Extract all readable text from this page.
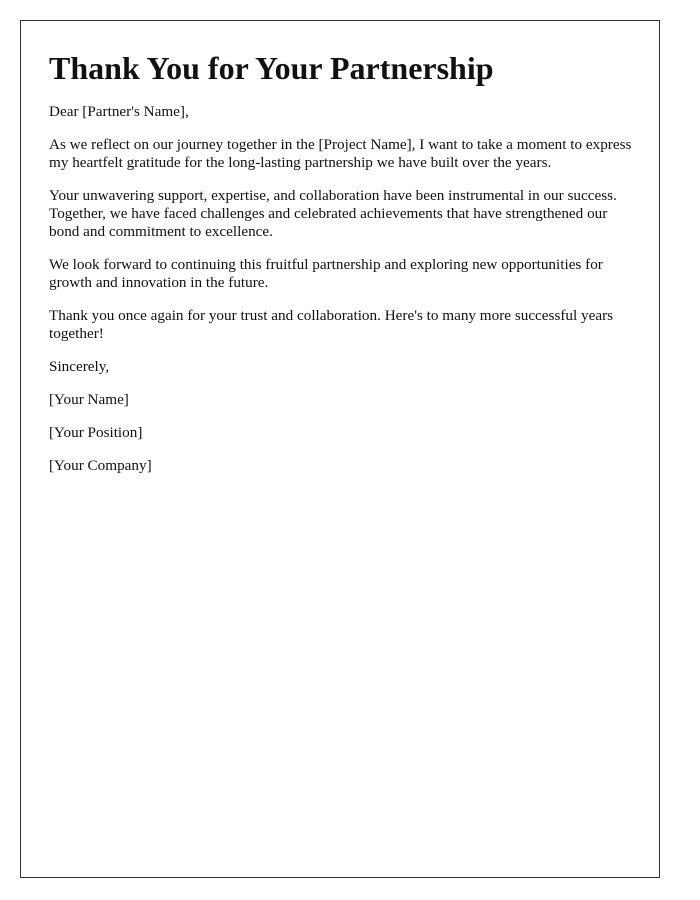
Thank You for Your Partnership

Dear [Partner's Name],

As we reflect on our journey together in the [Project Name], I want to take a moment to express my heartfelt gratitude for the long-lasting partnership we have built over the years.

Your unwavering support, expertise, and collaboration have been instrumental in our success. Together, we have faced challenges and celebrated achievements that have strengthened our bond and commitment to excellence.

We look forward to continuing this fruitful partnership and exploring new opportunities for growth and innovation in the future.

Thank you once again for your trust and collaboration. Here's to many more successful years together!

Sincerely,

[Your Name]

[Your Position]

[Your Company]
